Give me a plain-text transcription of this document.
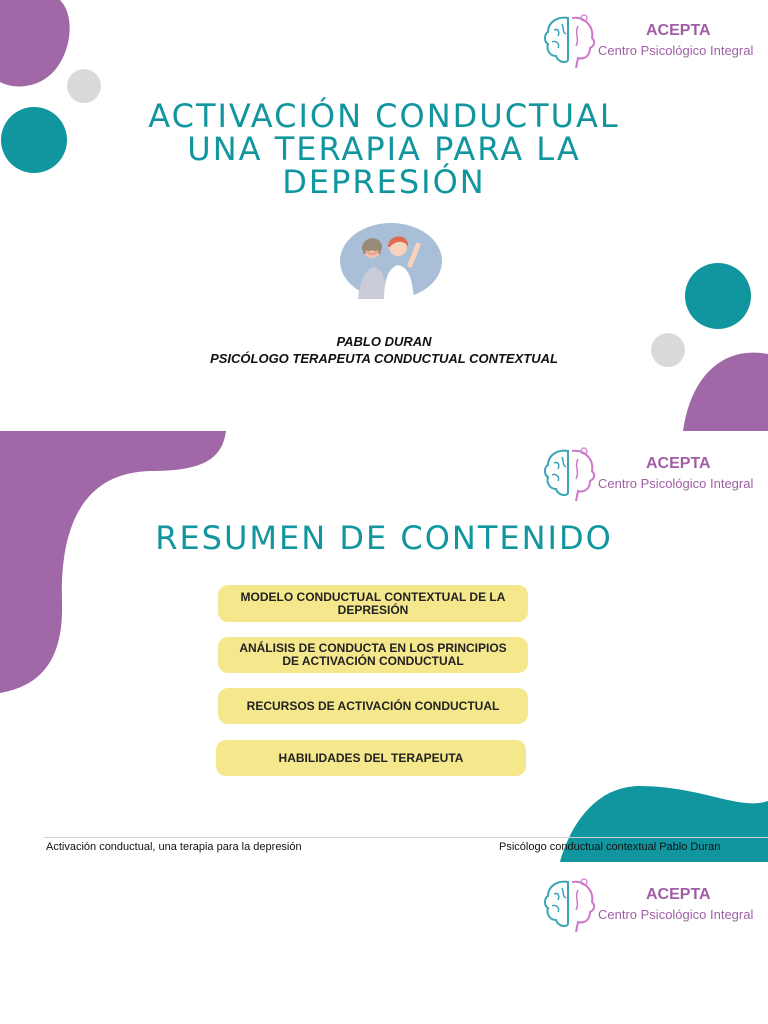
ACEPTA
Centro Psicológico Integral
ACTIVACIÓN CONDUCTUAL
UNA TERAPIA PARA LA
DEPRESIÓN
PABLO DURAN
PSICÓLOGO TERAPEUTA CONDUCTUAL CONTEXTUAL
ACEPTA
Centro Psicológico Integral
RESUMEN DE CONTENIDO
MODELO CONDUCTUAL CONTEXTUAL DE LA DEPRESIÓN
ANÁLISIS DE CONDUCTA EN LOS PRINCIPIOS DE ACTIVACIÓN CONDUCTUAL
RECURSOS DE ACTIVACIÓN CONDUCTUAL
HABILIDADES DEL TERAPEUTA
Activación conductual, una terapia para la depresión	Psicólogo conductual contextual Pablo Duran
ACEPTA
Centro Psicológico Integral
